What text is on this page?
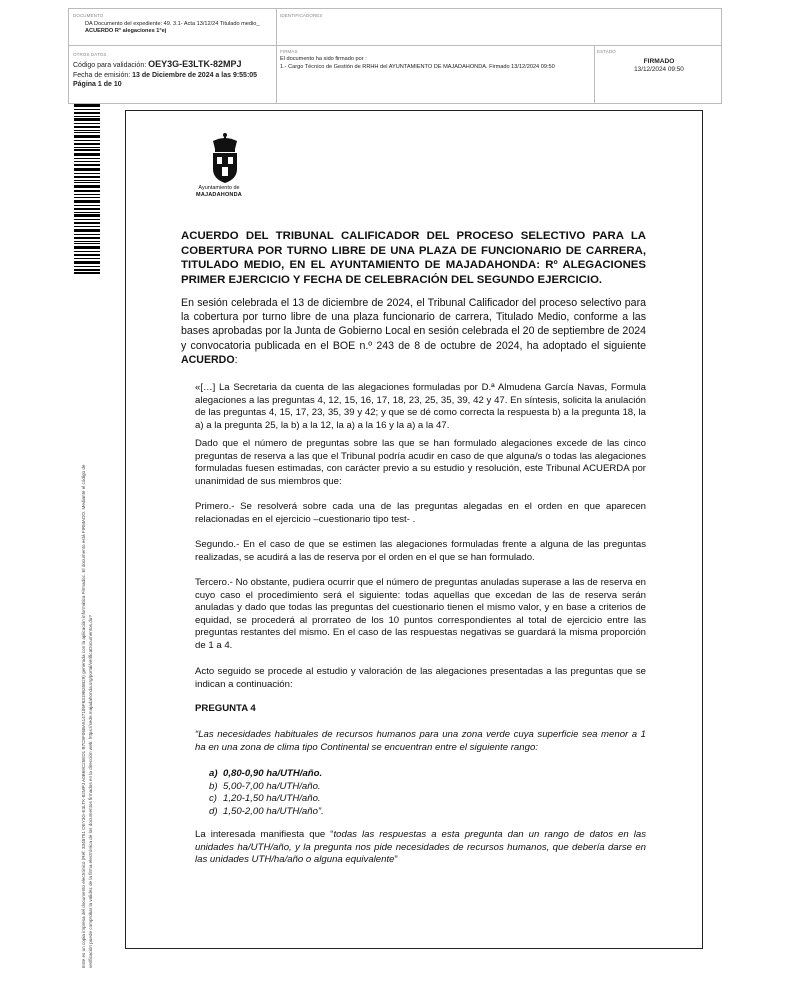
DOCUMENTO
DA Documento del expediente: 49. 3.1- Acta 13/12/24 Titulado medio_
ACUERDO R° alegaciones 1°ej
IDENTIFICADORES
OTROS DATOS
Código para validación: OEY3G-E3LTK-82MPJ
Fecha de emisión: 13 de Diciembre de 2024 a las 9:55:05
Página 1 de 10
FIRMAS
El documento ha sido firmado por :
1.- Cargo Técnico de Gestión de RRHH del AYUNTAMIENTO DE MAJADAHONDA. Firmado 13/12/2024 09:50
ESTADO
FIRMADO
13/12/2024 09:50
Este es un copia impresa del documento electrónico (Ref: 3348751 OEY3G-E3LTK-82MPJ A0B69C25ED1 B7C8F06BA5147106F6319B26B29) generada con la aplicación informática Firmadoc. El documento está FIRMADO. Mediante el código de verificación puede comprobar la validez de la firma electrónica de los documentos firmados en la dirección web: https://sede.majadahonda.org/portal/verificaDocumentos.do?
Ayuntamiento de
MAJADAHONDA
ACUERDO DEL TRIBUNAL CALIFICADOR DEL PROCESO SELECTIVO PARA LA COBERTURA POR TURNO LIBRE DE UNA PLAZA DE FUNCIONARIO DE CARRERA, TITULADO MEDIO, EN EL AYUNTAMIENTO DE MAJADAHONDA: Rº ALEGACIONES PRIMER EJERCICIO Y FECHA DE CELEBRACIÓN DEL SEGUNDO EJERCICIO.
En sesión celebrada el 13 de diciembre de 2024, el Tribunal Calificador del proceso selectivo para la cobertura por turno libre de una plaza funcionario de carrera, Titulado Medio, conforme a las bases aprobadas por la Junta de Gobierno Local en sesión celebrada el 20 de septiembre de 2024 y convocatoria publicada en el BOE n.º 243 de 8 de octubre de 2024, ha adoptado el siguiente ACUERDO:
«[…] La Secretaria da cuenta de las alegaciones formuladas por D.ª Almudena García Navas, Formula alegaciones a las preguntas 4, 12, 15, 16, 17, 18, 23, 25, 35, 39, 42 y 47. En síntesis, solicita la anulación de las preguntas 4, 15, 17, 23, 35, 39 y 42; y que se dé como correcta la respuesta b) a la pregunta 18, la a) a la pregunta 25, la b) a la 12, la a) a la 16 y la a) a la 47.
Dado que el número de preguntas sobre las que se han formulado alegaciones excede de las cinco preguntas de reserva a las que el Tribunal podría acudir en caso de que alguna/s o todas las alegaciones formuladas fuesen estimadas, con carácter previo a su estudio y resolución, este Tribunal ACUERDA por unanimidad de sus miembros que:
Primero.- Se resolverá sobre cada una de las preguntas alegadas en el orden en que aparecen relacionadas en el ejercicio –cuestionario tipo test- .
Segundo.- En el caso de que se estimen las alegaciones formuladas frente a alguna de las preguntas realizadas, se acudirá a las de reserva por el orden en el que se han formulado.
Tercero.- No obstante, pudiera ocurrir que el número de preguntas anuladas superase a las de reserva en cuyo caso el procedimiento será el siguiente: todas aquellas que excedan de las de reserva serán anuladas y dado que todas las preguntas del cuestionario tienen el mismo valor, y en base a criterios de equidad, se procederá al prorrateo de los 10 puntos correspondientes al total de ejercicio entre las preguntas restantes del mismo. En el caso de las respuestas negativas se guardará la misma proporción de 1 a 4.
Acto seguido se procede al estudio y valoración de las alegaciones presentadas a las preguntas que se indican a continuación:
PREGUNTA 4
“Las necesidades habituales de recursos humanos para una zona verde cuya superficie sea menor a 1 ha en una zona de clima tipo Continental se encuentran entre el siguiente rango:
a) 0,80-0,90 ha/UTH/año.
b) 5,00-7,00 ha/UTH/año.
c) 1,20-1,50 ha/UTH/año.
d) 1,50-2,00 ha/UTH/año”.
La interesada manifiesta que “todas las respuestas a esta pregunta dan un rango de datos en las unidades ha/UTH/año, y la pregunta nos pide necesidades de recursos humanos, que debería darse en las unidades UTH/ha/año o alguna equivalente”
